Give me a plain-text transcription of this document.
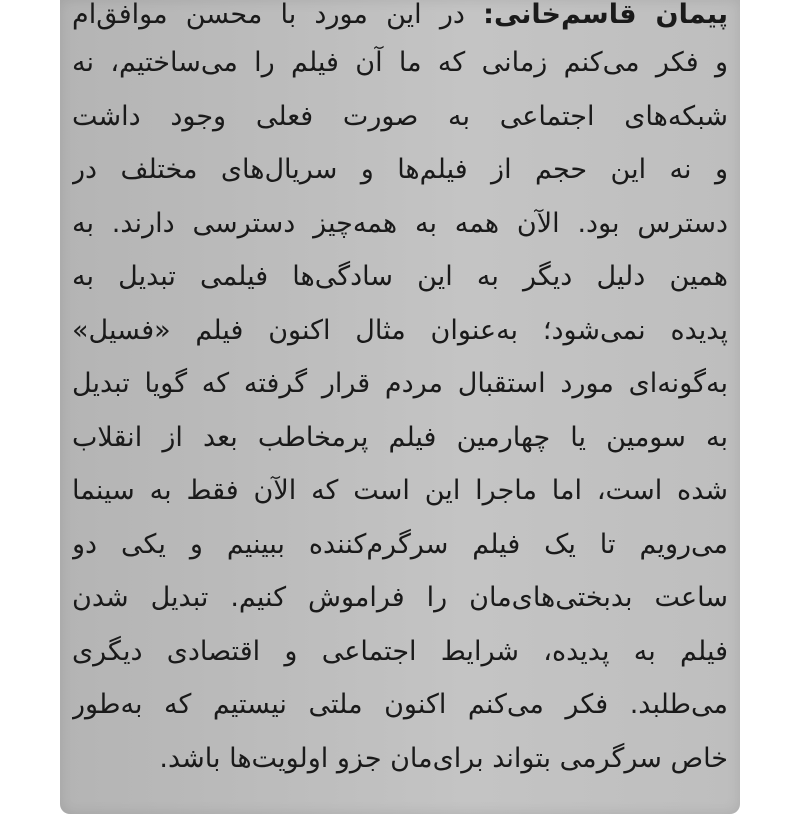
پیمان قاسم‌خانی: در این مورد با محسن موافق‌ام
و فکر می‌کنم زمانی که ما آن فیلم را می‌ساختیم، نه
شبکه‌های اجتماعی به صورت فعلی وجود داشت
و نه این حجم از فیلم‌ها و سریال‌های مختلف در
دسترس بود. الآن همه به همه‌چیز دسترسی دارند. به
همین دلیل دیگر به این سادگی‌ها فیلمی تبدیل به
پدیده نمی‌شود؛ به‌عنوان مثال اکنون فیلم «فسیل»
به‌گونه‌ای مورد استقبال مردم قرار گرفته که گویا تبدیل
به سومین یا چهارمین فیلم پرمخاطب بعد از انقلاب
شده است، اما ماجرا این است که الآن فقط به سینما
می‌رویم تا یک فیلم سرگرم‌کننده ببینیم و یکی دو
ساعت بدبختی‌های‌مان را فراموش کنیم. تبدیل شدن
فیلم به پدیده، شرایط اجتماعی و اقتصادی دیگری
می‌طلبد. فکر می‌کنم اکنون ملتی نیستیم که به‌طور
خاص سرگرمی بتواند برای‌مان جزو اولویت‌ها باشد.
